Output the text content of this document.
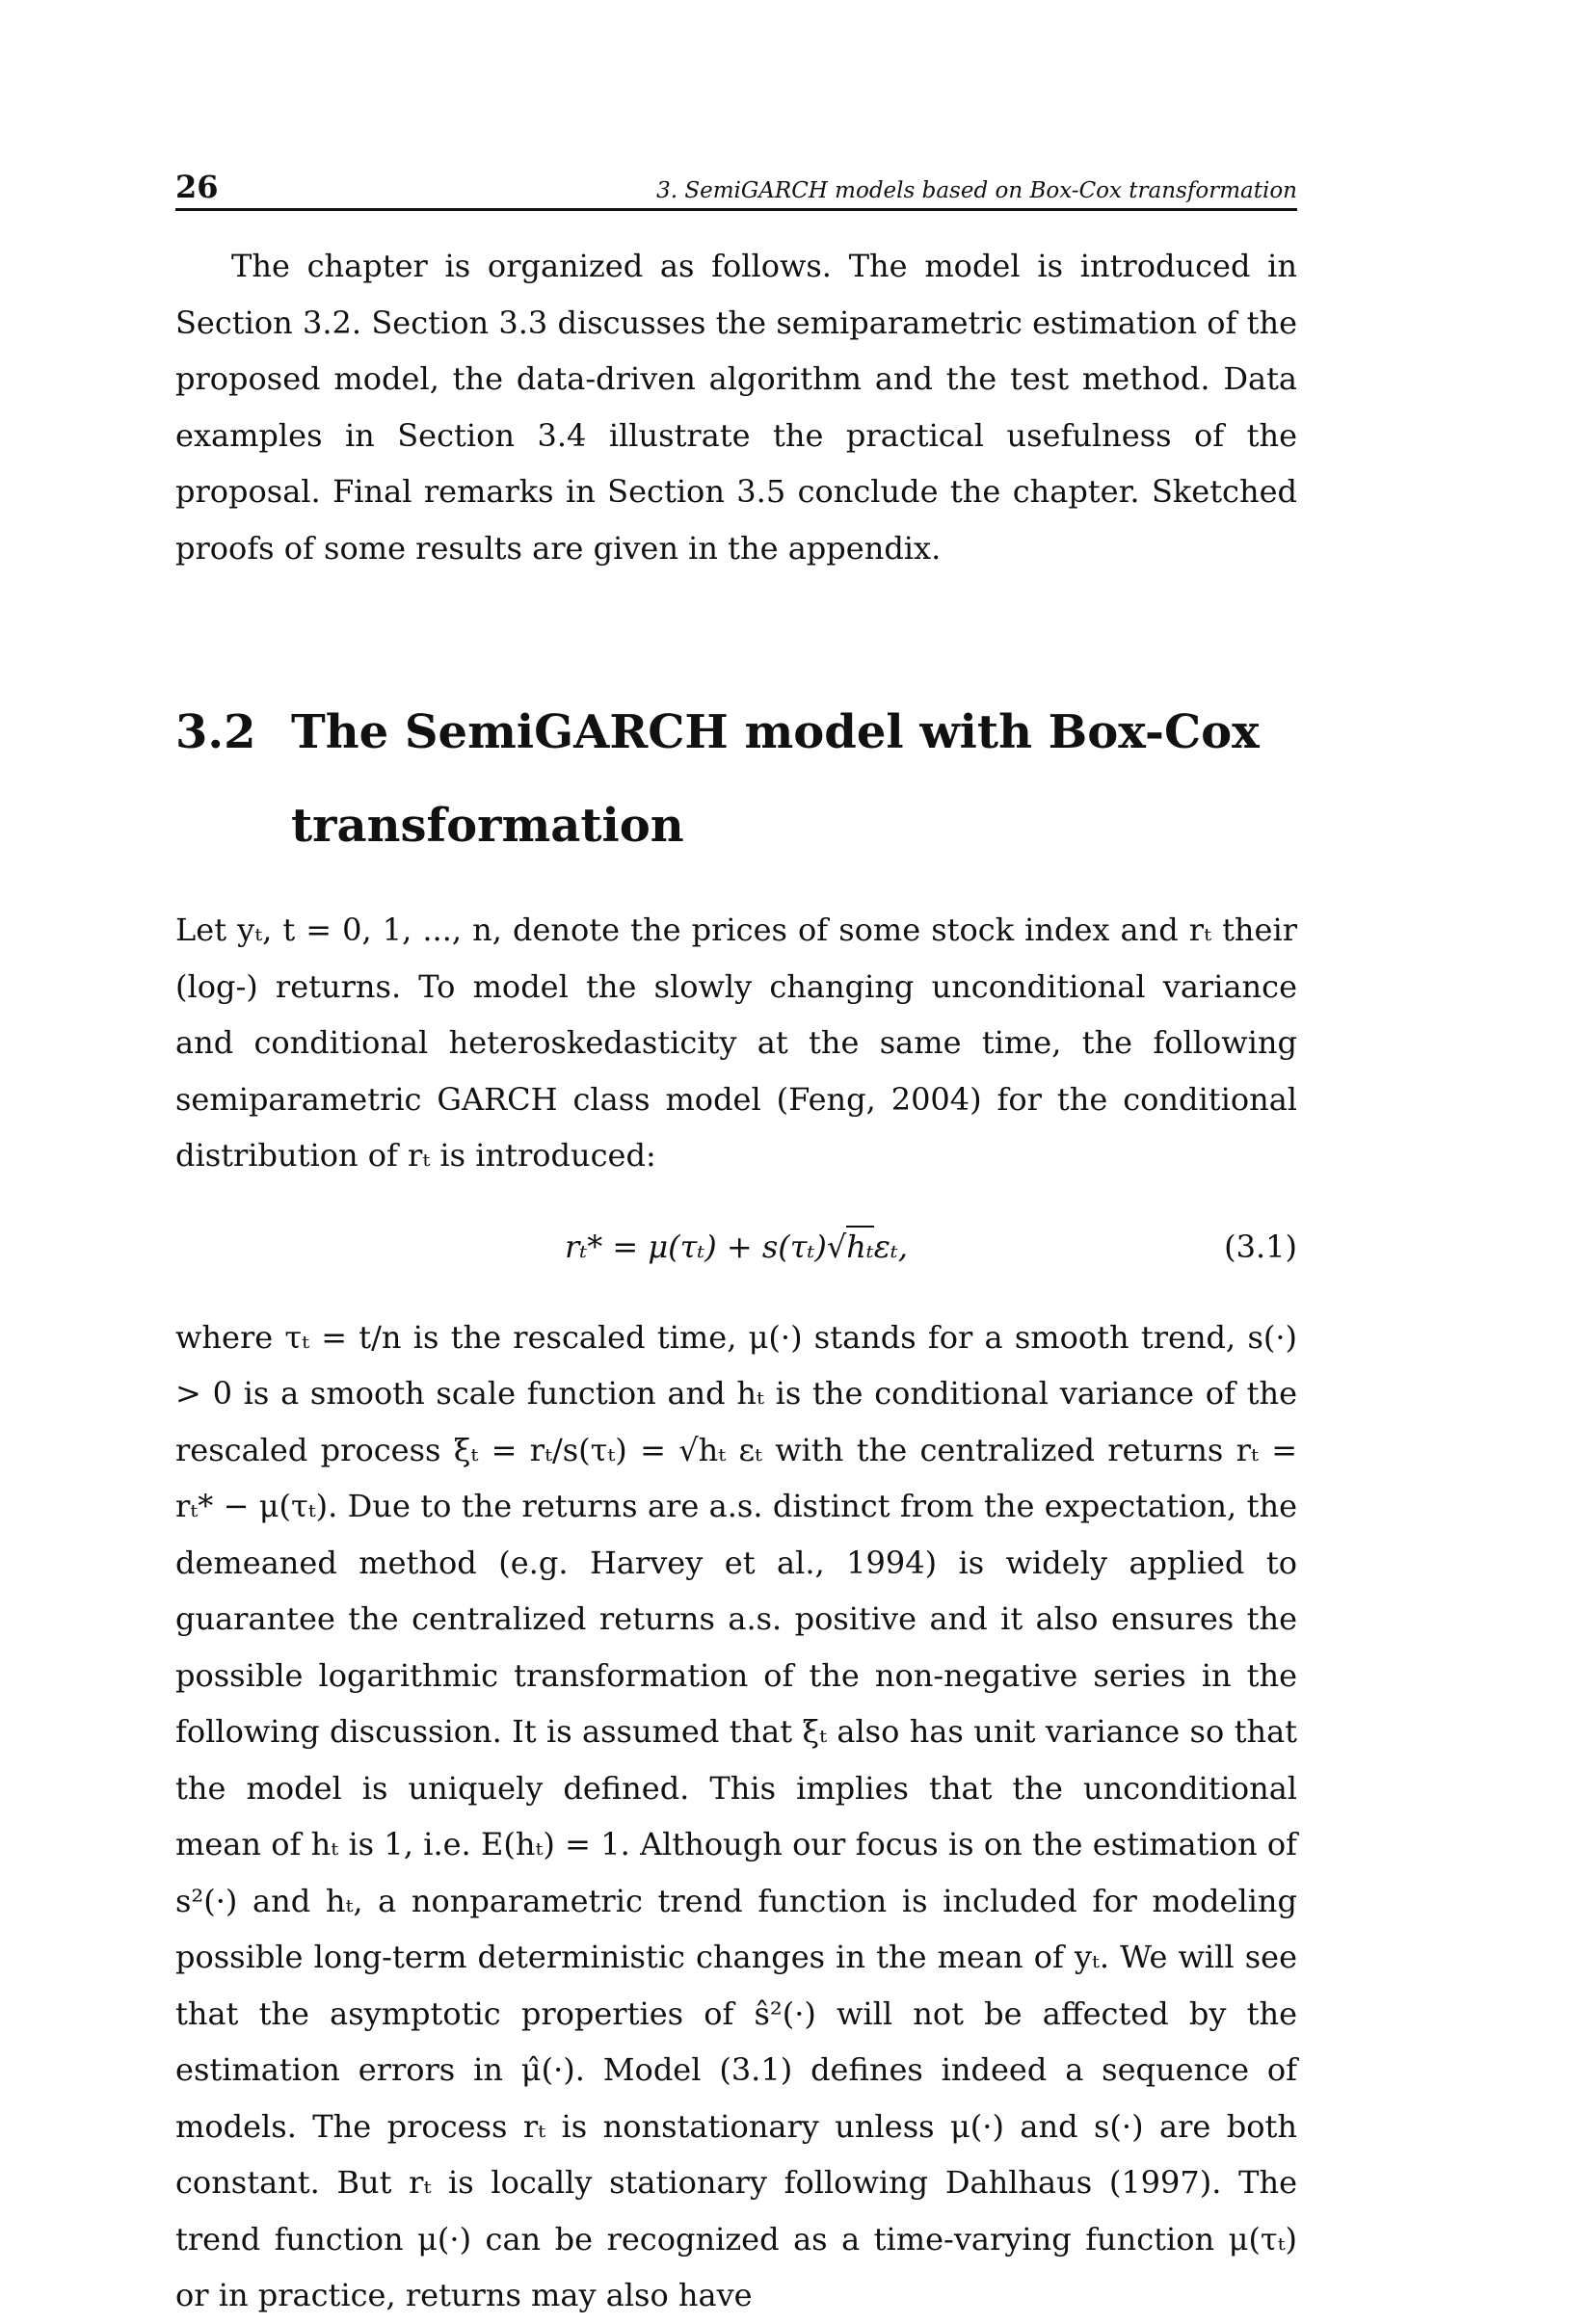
26	3. SemiGARCH models based on Box-Cox transformation

The chapter is organized as follows. The model is introduced in Section 3.2. Section 3.3 discusses the semiparametric estimation of the proposed model, the data-driven algorithm and the test method. Data examples in Section 3.4 illustrate the practical usefulness of the proposal. Final remarks in Section 3.5 conclude the chapter. Sketched proofs of some results are given in the appendix.

3.2 The SemiGARCH model with Box-Cox transformation

Let yₜ, t = 0, 1, ..., n, denote the prices of some stock index and rₜ their (log-) returns. To model the slowly changing unconditional variance and conditional heteroskedasticity at the same time, the following semiparametric GARCH class model (Feng, 2004) for the conditional distribution of rₜ is introduced:

rₜ* = μ(τₜ) + s(τₜ)√hₜεₜ,	(3.1)

where τₜ = t/n is the rescaled time, μ(·) stands for a smooth trend, s(·) > 0 is a smooth scale function and hₜ is the conditional variance of the rescaled process ξₜ = rₜ/s(τₜ) = √hₜ εₜ with the centralized returns rₜ = rₜ* − μ(τₜ). Due to the returns are a.s. distinct from the expectation, the demeaned method (e.g. Harvey et al., 1994) is widely applied to guarantee the centralized returns a.s. positive and it also ensures the possible logarithmic transformation of the non-negative series in the following discussion. It is assumed that ξₜ also has unit variance so that the model is uniquely defined. This implies that the unconditional mean of hₜ is 1, i.e. E(hₜ) = 1. Although our focus is on the estimation of s²(·) and hₜ, a nonparametric trend function is included for modeling possible long-term deterministic changes in the mean of yₜ. We will see that the asymptotic properties of ŝ²(·) will not be affected by the estimation errors in μ̂(·). Model (3.1) defines indeed a sequence of models. The process rₜ is nonstationary unless μ(·) and s(·) are both constant. But rₜ is locally stationary following Dahlhaus (1997). The trend function μ(·) can be recognized as a time-varying function μ(τₜ) or in practice, returns may also have
